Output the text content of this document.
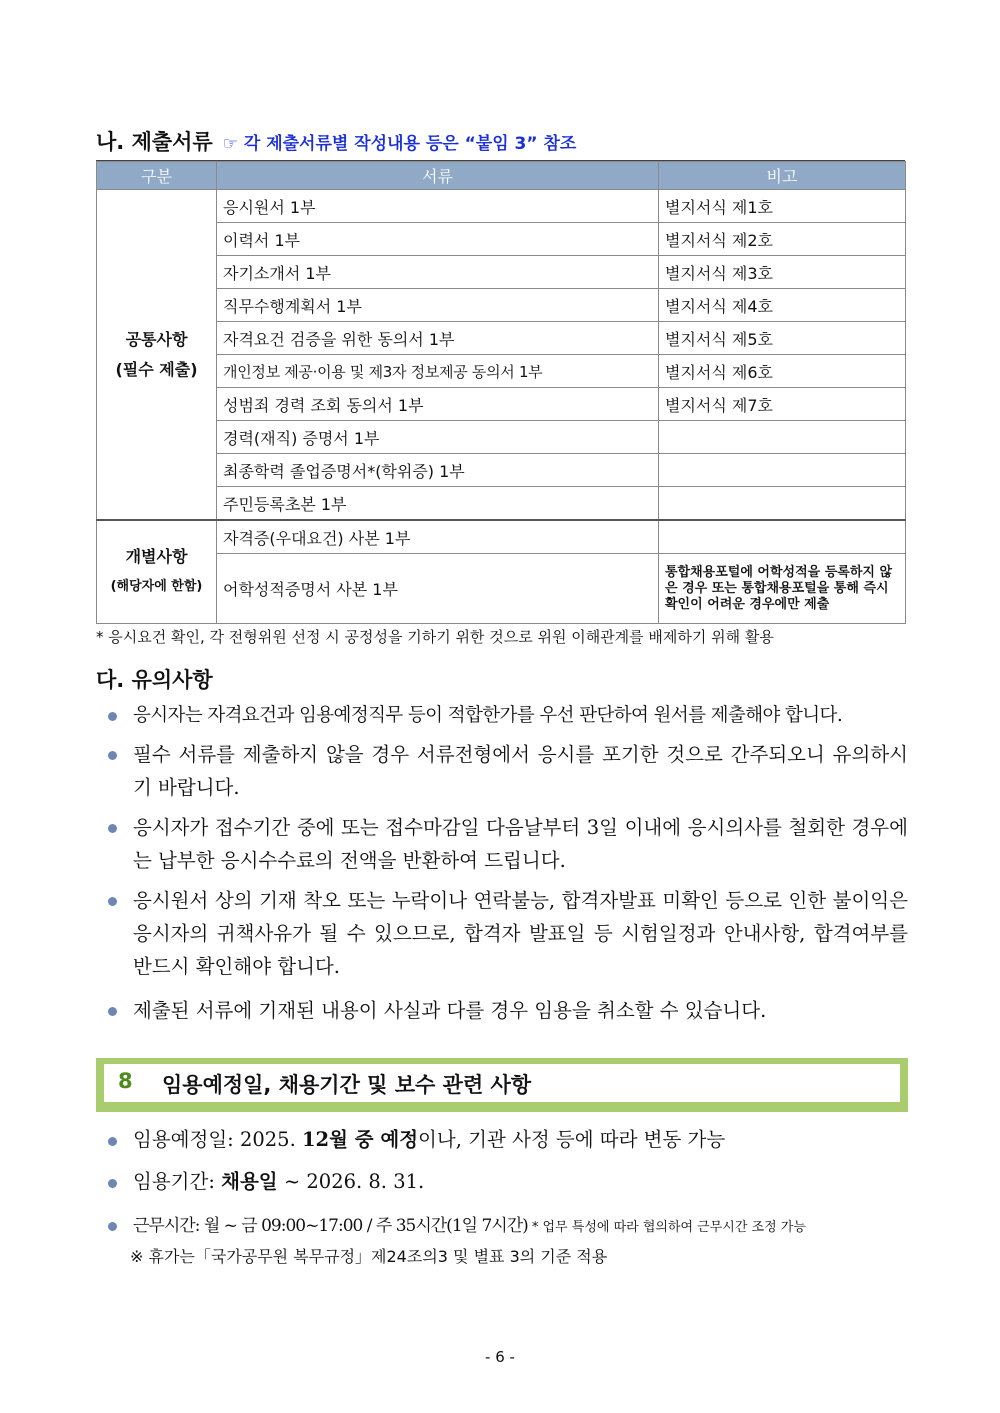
나. 제출서류 ☞ 각 제출서류별 작성내용 등은 “붙임 3” 참조
구분	서류	비고

공통사항
(필수 제출)	응시원서 1부	별지서식 제1호
	이력서 1부	별지서식 제2호
	자기소개서 1부	별지서식 제3호
	직무수행계획서 1부	별지서식 제4호
	자격요건 검증을 위한 동의서 1부	별지서식 제5호
	개인정보 제공·이용 및 제3자 정보제공 동의서 1부	별지서식 제6호
	성범죄 경력 조회 동의서 1부	별지서식 제7호
	경력(재직) 증명서 1부	
	최종학력 졸업증명서*(학위증) 1부	
	주민등록초본 1부	

개별사항
(해당자에 한함)	자격증(우대요건) 사본 1부	
	어학성적증명서 사본 1부	통합채용포털에 어학성적을 등록하지 않은 경우 또는 통합채용포털을 통해 즉시 확인이 어려운 경우에만 제출
* 응시요건 확인, 각 전형위원 선정 시 공정성을 기하기 위한 것으로 위원 이해관계를 배제하기 위해 활용
다. 유의사항
응시자는 자격요건과 임용예정직무 등이 적합한가를 우선 판단하여 원서를 제출해야 합니다.
필수 서류를 제출하지 않을 경우 서류전형에서 응시를 포기한 것으로 간주되오니 유의하시기 바랍니다.
응시자가 접수기간 중에 또는 접수마감일 다음날부터 3일 이내에 응시의사를 철회한 경우에는 납부한 응시수수료의 전액을 반환하여 드립니다.
응시원서 상의 기재 착오 또는 누락이나 연락불능, 합격자발표 미확인 등으로 인한 불이익은 응시자의 귀책사유가 될 수 있으므로, 합격자 발표일 등 시험일정과 안내사항, 합격여부를 반드시 확인해야 합니다.
제출된 서류에 기재된 내용이 사실과 다를 경우 임용을 취소할 수 있습니다.
8 임용예정일, 채용기간 및 보수 관련 사항
임용예정일: 2025. 12월 중 예정이나, 기관 사정 등에 따라 변동 가능
임용기간: 채용일 ~ 2026. 8. 31.
근무시간: 월 ~ 금 09:00~17:00 / 주 35시간(1일 7시간) * 업무 특성에 따라 협의하여 근무시간 조정 가능
※ 휴가는「국가공무원 복무규정」제24조의3 및 별표 3의 기준 적용
- 6 -
